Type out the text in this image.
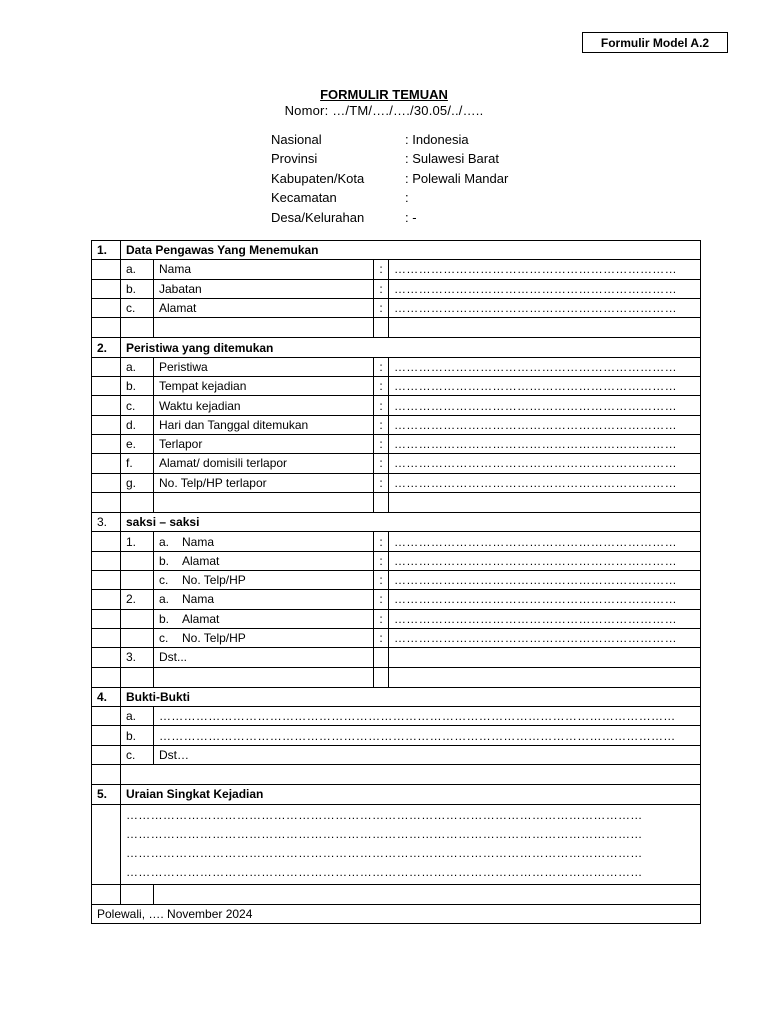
Formulir Model A.2
FORMULIR TEMUAN
Nomor: …/TM/…./…./30.05/../…..
Nasional	: Indonesia
Provinsi	: Sulawesi Barat
Kabupaten/Kota	: Polewali Mandar
Kecamatan	:
Desa/Kelurahan	: -
1.	Data Pengawas Yang Menemukan			
	a.	Nama	:	……………………………………………………………
	b.	Jabatan	:	……………………………………………………………
	c.	Alamat	:	……………………………………………………………

2.	Peristiwa yang ditemukan			
	a.	Peristiwa	:	……………………………………………………………
	b.	Tempat kejadian	:	……………………………………………………………
	c.	Waktu kejadian	:	……………………………………………………………
	d.	Hari dan Tanggal ditemukan	:	……………………………………………………………
	e.	Terlapor	:	……………………………………………………………
	f.	Alamat/ domisili terlapor	:	……………………………………………………………
	g.	No. Telp/HP terlapor	:	……………………………………………………………

3.	saksi – saksi			
	1.	a. Nama	:	……………………………………………………………
		b. Alamat	:	……………………………………………………………
		c. No. Telp/HP	:	……………………………………………………………
	2.	a. Nama	:	……………………………………………………………
		b. Alamat	:	……………………………………………………………
		c. No. Telp/HP	:	……………………………………………………………
	3.	Dst...		

4.	Bukti-Bukti			
	a.	………………………………………………………………………………………………………………		
	b.	………………………………………………………………………………………………………………		
	c.	Dst…		

5.	Uraian Singkat Kejadian			

	………………………………………………………………………………………………………………
………………………………………………………………………………………………………………
………………………………………………………………………………………………………………
………………………………………………………………………………………………………………			

Polewali, …. November 2024				
